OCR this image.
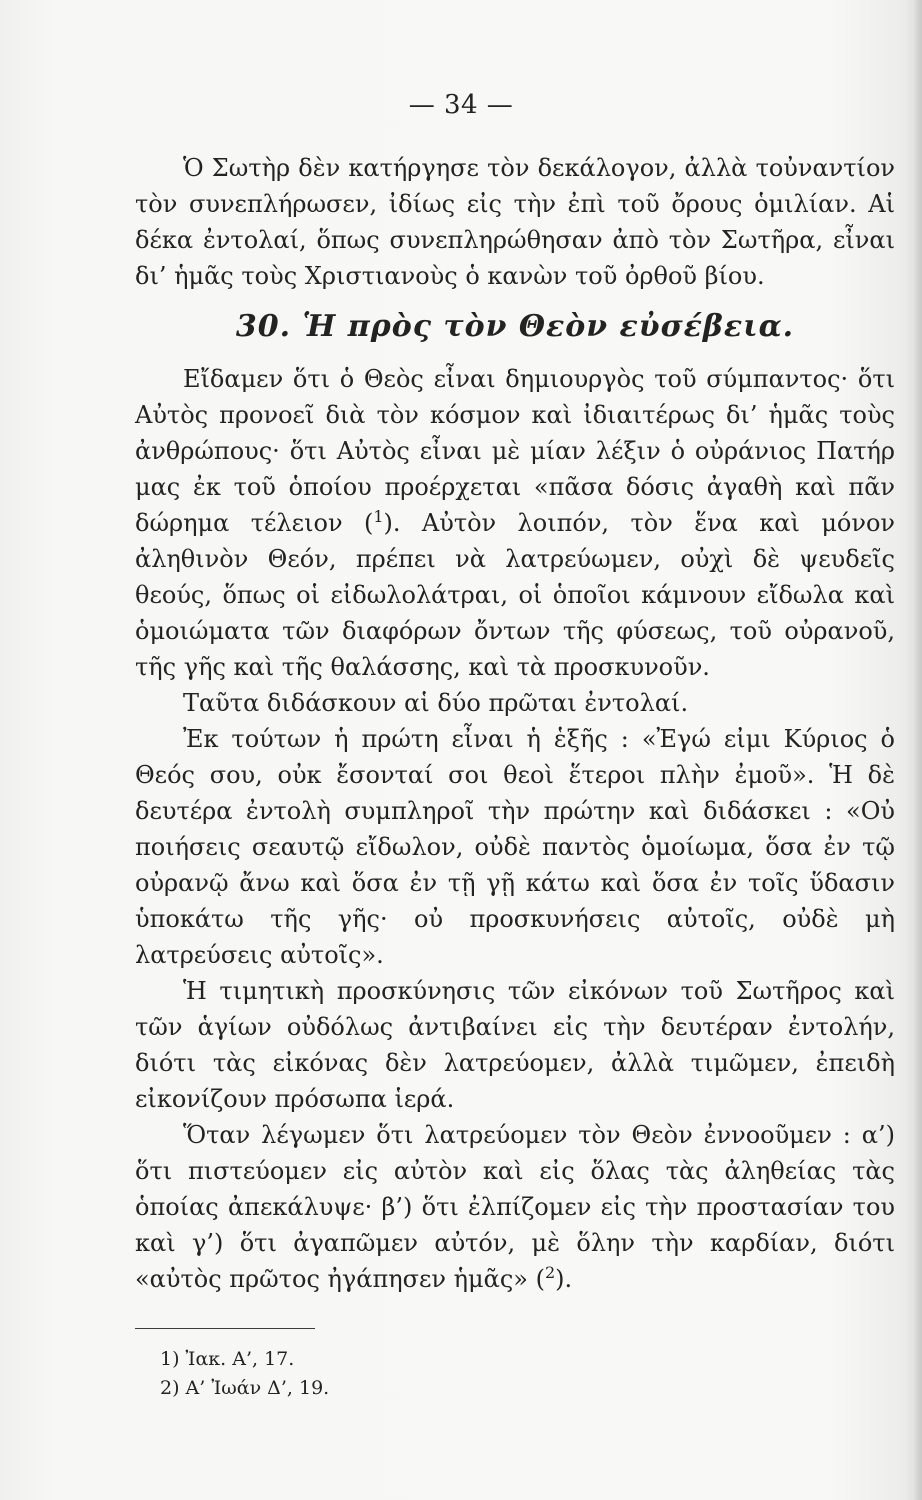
— 34 —

Ὁ Σωτὴρ δὲν κατήργησε τὸν δεκάλογον, ἀλλὰ τοὐναντίον τὸν συνεπλήρωσεν, ἰδίως εἰς τὴν ἐπὶ τοῦ ὄρους ὁμιλίαν. Αἱ δέκα ἐντολαί, ὅπως συνεπληρώθησαν ἀπὸ τὸν Σωτῆρα, εἶναι δι’ ἡμᾶς τοὺς Χριστιανοὺς ὁ κανὼν τοῦ ὀρθοῦ βίου.

30. Ἡ πρὸς τὸν Θεὸν εὐσέβεια.

Εἴδαμεν ὅτι ὁ Θεὸς εἶναι δημιουργὸς τοῦ σύμπαντος· ὅτι Αὐτὸς προνοεῖ διὰ τὸν κόσμον καὶ ἰδιαιτέρως δι’ ἡμᾶς τοὺς ἀνθρώπους· ὅτι Αὐτὸς εἶναι μὲ μίαν λέξιν ὁ οὐράνιος Πατήρ μας ἐκ τοῦ ὁποίου προέρχεται «πᾶσα δόσις ἀγαθὴ καὶ πᾶν δώρημα τέλειον ($^1$). Αὐτὸν λοιπόν, τὸν ἕνα καὶ μόνον ἀληθινὸν Θεόν, πρέπει νὰ λατρεύωμεν, οὐχὶ δὲ ψευδεῖς θεούς, ὅπως οἱ εἰδωλολάτραι, οἱ ὁποῖοι κάμνουν εἴδωλα καὶ ὁμοιώματα τῶν διαφόρων ὄντων τῆς φύσεως, τοῦ οὐρανοῦ, τῆς γῆς καὶ τῆς θαλάσσης, καὶ τὰ προσκυνοῦν.

Ταῦτα διδάσκουν αἱ δύο πρῶται ἐντολαί.

Ἐκ τούτων ἡ πρώτη εἶναι ἡ ἑξῆς : «Ἐγώ εἰμι Κύριος ὁ Θεός σου, οὐκ ἔσονταί σοι θεοὶ ἕτεροι πλὴν ἐμοῦ». Ἡ δὲ δευτέρα ἐντολὴ συμπληροῖ τὴν πρώτην καὶ διδάσκει : «Οὐ ποιήσεις σεαυτῷ εἴδωλον, οὐδὲ παντὸς ὁμοίωμα, ὅσα ἐν τῷ οὐρανῷ ἄνω καὶ ὅσα ἐν τῇ γῇ κάτω καὶ ὅσα ἐν τοῖς ὕδασιν ὑποκάτω τῆς γῆς· οὐ προσκυνήσεις αὐτοῖς, οὐδὲ μὴ λατρεύσεις αὐτοῖς».

Ἡ τιμητικὴ προσκύνησις τῶν εἰκόνων τοῦ Σωτῆρος καὶ τῶν ἁγίων οὐδόλως ἀντιβαίνει εἰς τὴν δευτέραν ἐντολήν, διότι τὰς εἰκόνας δὲν λατρεύομεν, ἀλλὰ τιμῶμεν, ἐπειδὴ εἰκονίζουν πρόσωπα ἱερά.

Ὅταν λέγωμεν ὅτι λατρεύομεν τὸν Θεὸν ἐννοοῦμεν : α’) ὅτι πιστεύομεν εἰς αὐτὸν καὶ εἰς ὅλας τὰς ἀληθείας τὰς ὁποίας ἀπεκάλυψε· β’) ὅτι ἐλπίζομεν εἰς τὴν προστασίαν του καὶ γ’) ὅτι ἀγαπῶμεν αὐτόν, μὲ ὅλην τὴν καρδίαν, διότι «αὐτὸς πρῶτος ἠγάπησεν ἡμᾶς» ($^2$).

1) Ἰακ. Α’, 17.
2) Α’ Ἰωάν Δ’, 19.
